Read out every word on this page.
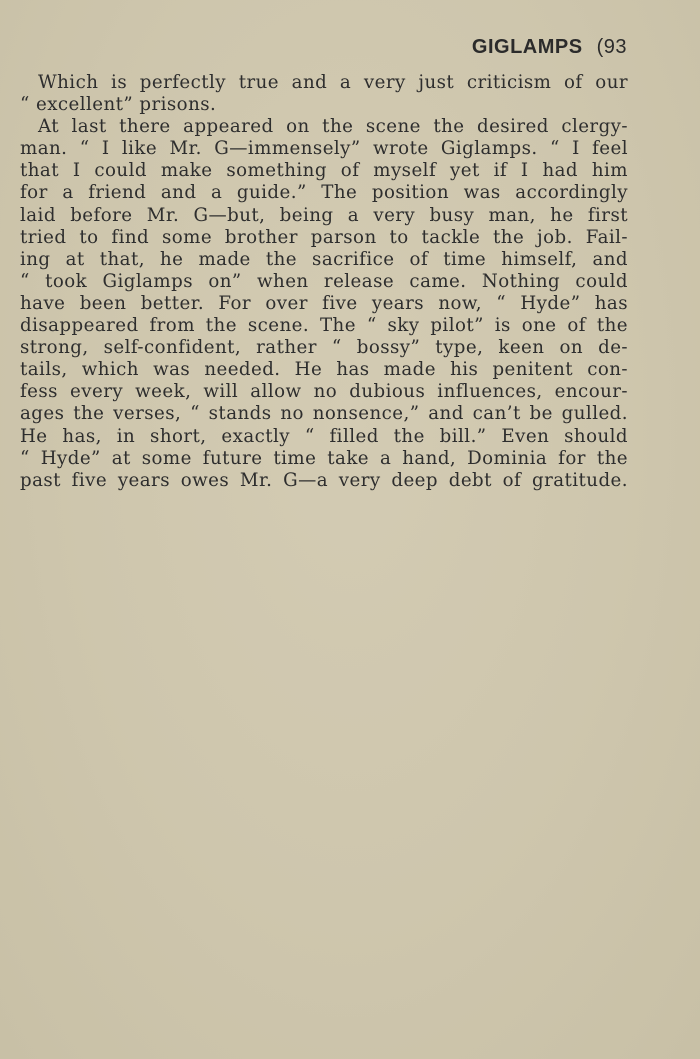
GIGLAMPS (93
Which is perfectly true and a very just criticism of our
“ excellent” prisons.
At last there appeared on the scene the desired clergy-
man. “ I like Mr. G—immensely” wrote Giglamps. “ I feel
that I could make something of myself yet if I had him
for a friend and a guide.” The position was accordingly
laid before Mr. G—but, being a very busy man, he first
tried to find some brother parson to tackle the job. Fail-
ing at that, he made the sacrifice of time himself, and
“ took Giglamps on” when release came. Nothing could
have been better. For over five years now, “ Hyde” has
disappeared from the scene. The “ sky pilot” is one of the
strong, self-confident, rather “ bossy” type, keen on de-
tails, which was needed. He has made his penitent con-
fess every week, will allow no dubious influences, encour-
ages the verses, “ stands no nonsence,” and can’t be gulled.
He has, in short, exactly “ filled the bill.” Even should
“ Hyde” at some future time take a hand, Dominia for the
past five years owes Mr. G—a very deep debt of gratitude.
